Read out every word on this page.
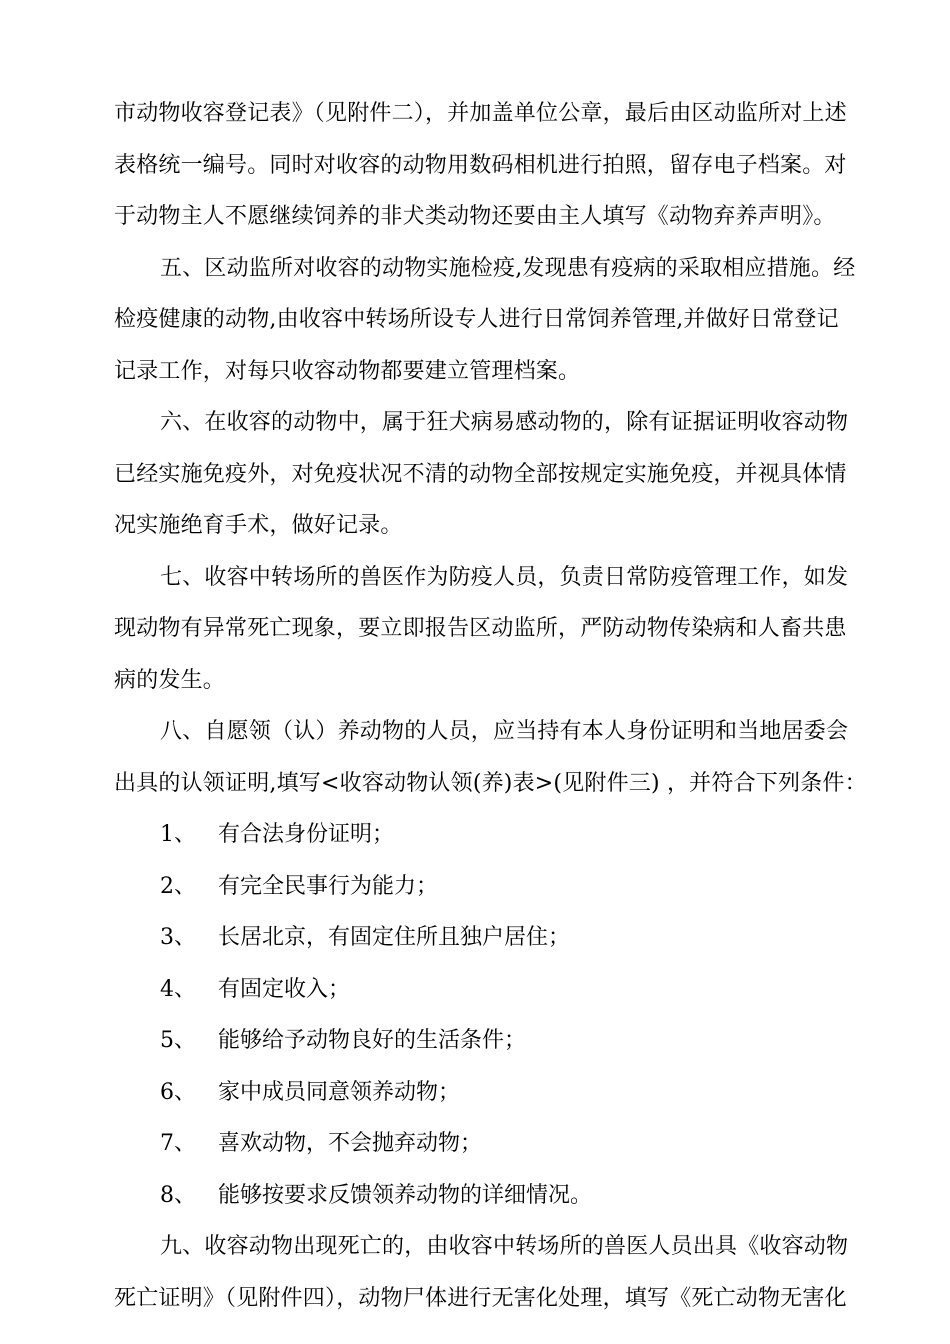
市动物收容登记表》（见附件二），并加盖单位公章，最后由区动监所对上述
表格统一编号。同时对收容的动物用数码相机进行拍照，留存电子档案。对
于动物主人不愿继续饲养的非犬类动物还要由主人填写《动物弃养声明》。
五、区动监所对收容的动物实施检疫,发现患有疫病的采取相应措施。经
检疫健康的动物,由收容中转场所设专人进行日常饲养管理,并做好日常登记
记录工作，对每只收容动物都要建立管理档案。
六、在收容的动物中，属于狂犬病易感动物的，除有证据证明收容动物
已经实施免疫外，对免疫状况不清的动物全部按规定实施免疫，并视具体情
况实施绝育手术，做好记录。
七、收容中转场所的兽医作为防疫人员，负责日常防疫管理工作，如发
现动物有异常死亡现象，要立即报告区动监所，严防动物传染病和人畜共患
病的发生。
八、自愿领（认）养动物的人员，应当持有本人身份证明和当地居委会
出具的认领证明,填写<收容动物认领(养)表>(见附件三) ，并符合下列条件：
1、 有合法身份证明；
2、 有完全民事行为能力；
3、 长居北京，有固定住所且独户居住；
4、 有固定收入；
5、 能够给予动物良好的生活条件；
6、 家中成员同意领养动物；
7、 喜欢动物，不会抛弃动物；
8、 能够按要求反馈领养动物的详细情况。
九、收容动物出现死亡的，由收容中转场所的兽医人员出具《收容动物
死亡证明》（见附件四），动物尸体进行无害化处理，填写《死亡动物无害化
